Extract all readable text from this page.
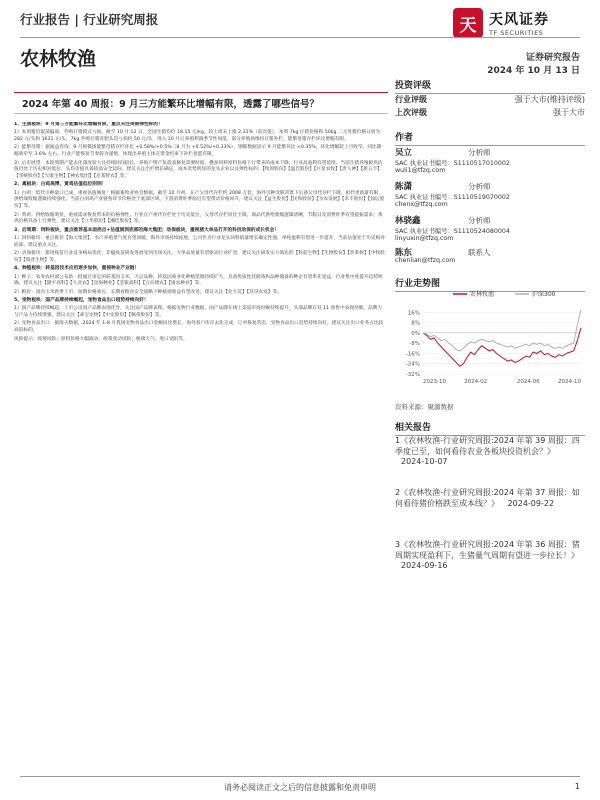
行业报告 | 行业研究周报	天 天风证券
TF SECURITIES
农林牧渔	证券研究报告
2024 年 10 月 13 日
2024 年第 40 周报：9 月三方能繁环比增幅有限，透露了哪些信号？

1、生猪板块：9 月第三方能繁环比增幅有限，重点关注周期弹性标的！

1）本周猪价震荡偏弱，外购仔猪模式亏损。截至 10 月 12 日，全国生猪均价 18.15 元/kg，较上周末上涨 2.31%（前次值），本周 7kg 仔猪价格和 50kg 二元母猪价格分别为 282 元/头和 1631 元/头，7kg 外购仔猪育肥头均亏损约 50 元/头，进入 10 月后养殖利润季节性回落，部分养殖场维持仔猪补栏，能繁母猪存栏环比增幅有限。

2）能繁母猪：据涌益咨询，9 月规模场能繁母猪存栏环比 +0.58%/+0.5%（8 月为 +0.52%/+0.33%），钢联数据显示 9 月能繁环比 +0.35%，环比增幅较上月收窄，同比降幅收窄至 3.6% 左右。行业产能恢复节奏较为谨慎，体现出养殖主体在资金约束下补栏意愿有限，

3）后市展望：本轮周期产能去化深度较大且持续时间较长，养殖户资产负债表修复需要时间，叠加饲料原料价格下行带来的成本下降，行业高盈利有望延续。当前生猪养殖板块估值仍处于历史相对低位，头均市值具备较高安全边际，建议关注出栏增长确定、成本优势明显的龙头企业以及弹性标的：【牧原股份】【温氏股份】【巨星农牧】【唐人神】【新五丰】【华统股份】【天康生物】【神农集团】【京基智农】等。

2、禽板块：白鸡高博，黄鸡估值低位则则！

1）白鸡：低代引种量口已成，重视估值修复！根据畜牧业协会数据，截至 10 月初，在产父母代存栏约 2008 万套，海外引种受限背景下后备父母代存栏下降，祖代更新量有限，供给端收缩逻辑持续强化。当前白羽鸡产业链各环节价格处于底部区域，下游消费旺季临近有望带动价格回升，建议关注【益生股份】【民和股份】【圣农发展】【禾丰股份】【仙坛股份】等。

2）黄鸡：供给收缩明显，重视需求恢复带来的价格弹性。行业在产祖代存栏处于历史低位，父母代存栏同比下降，商品代供给收缩逻辑清晰，节假日及消费旺季有望提振需求，黄鸡价格具备上行弹性，建议关注【立华股份】【湘佳股份】等。

3、后周期：饲料板块，重点推荐基本面拐点+估值刚到底部的海大集团；动保板块，重视猪大单品打开的科技动保的成长机会！

1）饲料板块：重点推荐【海大集团】。水产养殖景气度有望回暖，海外市场持续拓展，公司作为行业龙头饲料销量增长确定性强，单吨盈利有望进一步提升，当前估值处于历史相对底部，建议重点关注。

2）动保板块：猪用疫苗行业竞争格局优化，非瘟疫苗研发进展受到市场关注，大单品放量有望驱动行业扩容，建议关注研发实力领先的【科前生物】【生物股份】【普莱柯】【中牧股份】【瑞普生物】等。

4、种植板块：转基因技术应用逐步加快，重视种业产业链！

1）种子：农业农村部公布新一批通过审定的转基因玉米、大豆品种，转基因商业化种植范围持续扩大，具备优质性状储备和品种储备的种企有望率先受益，行业集中度提升趋势明确。建议关注【隆平高科】【大北农】【登海种业】【荃银高科】【万向德农】【康农种业】等。

2）粮价：国内玉米新季上市，短期价格承压，长期看粮食安全战略下种植端收益有望改善，建议关注【北大荒】【苏垦农发】等。

5、宠物板块：国产品牌持续崛起，宠物食品出口趋势持续向好！

1）国产品牌持续崛起，上市公司国产品牌表现优异，关注国产品牌表现。根据宠物行业数据，国产品牌在线上渠道市场份额持续提升，头部品牌在双 11 预售中表现亮眼，品牌力与产品力持续增强，建议关注【乖宝宠物】【中宠股份】【佩蒂股份】等。

2）宠物食品出口：据海关数据，2024 年 1-8 月我国宠物食品出口金额同比增长，海外客户库存去化完成，订单恢复常态，宠物食品出口趋势持续向好，建议关注出口业务占比较高的标的。

风险提示：疫情风险；原料价格大幅波动；政策变动风险；极端天气；进口受阻等。

投资评级
行业评级	强于大市(维持评级)
上次评级	强于大市
作者
吴立	分析师
SAC 执业证书编号：S1110517010002
wuli1@tfzq.com
陈潇	分析师
SAC 执业证书编号：S1110519070002
chenx@tfzq.com
林骁鑫	分析师
SAC 执业证书编号：S1110524080004
linyuxin@tfzq.com
陈东	联系人
chenlian@tfzq.com
行业走势图
16%
8%
0%
-8%
-16%
-24%
-32%
2023-10	2024-02	2024-06	2024-10
农林牧渔	沪深300
资料来源：聚源数据
相关报告
1《农林牧渔-行业研究周报:2024 年第 39 周报：四季度已至，如何看待农业各板块投资机会？》 2024-10-07
2《农林牧渔-行业研究周报:2024 年第 37 周报：如何看待猪价格跌至成本线？》 2024-09-22
3《农林牧渔-行业研究周报:2024 年第 36 周报：猪周期实现盈利下，生猪量气周期有望进一步拉长！》 2024-09-16
请务必阅读正文之后的信息披露和免责申明	1
